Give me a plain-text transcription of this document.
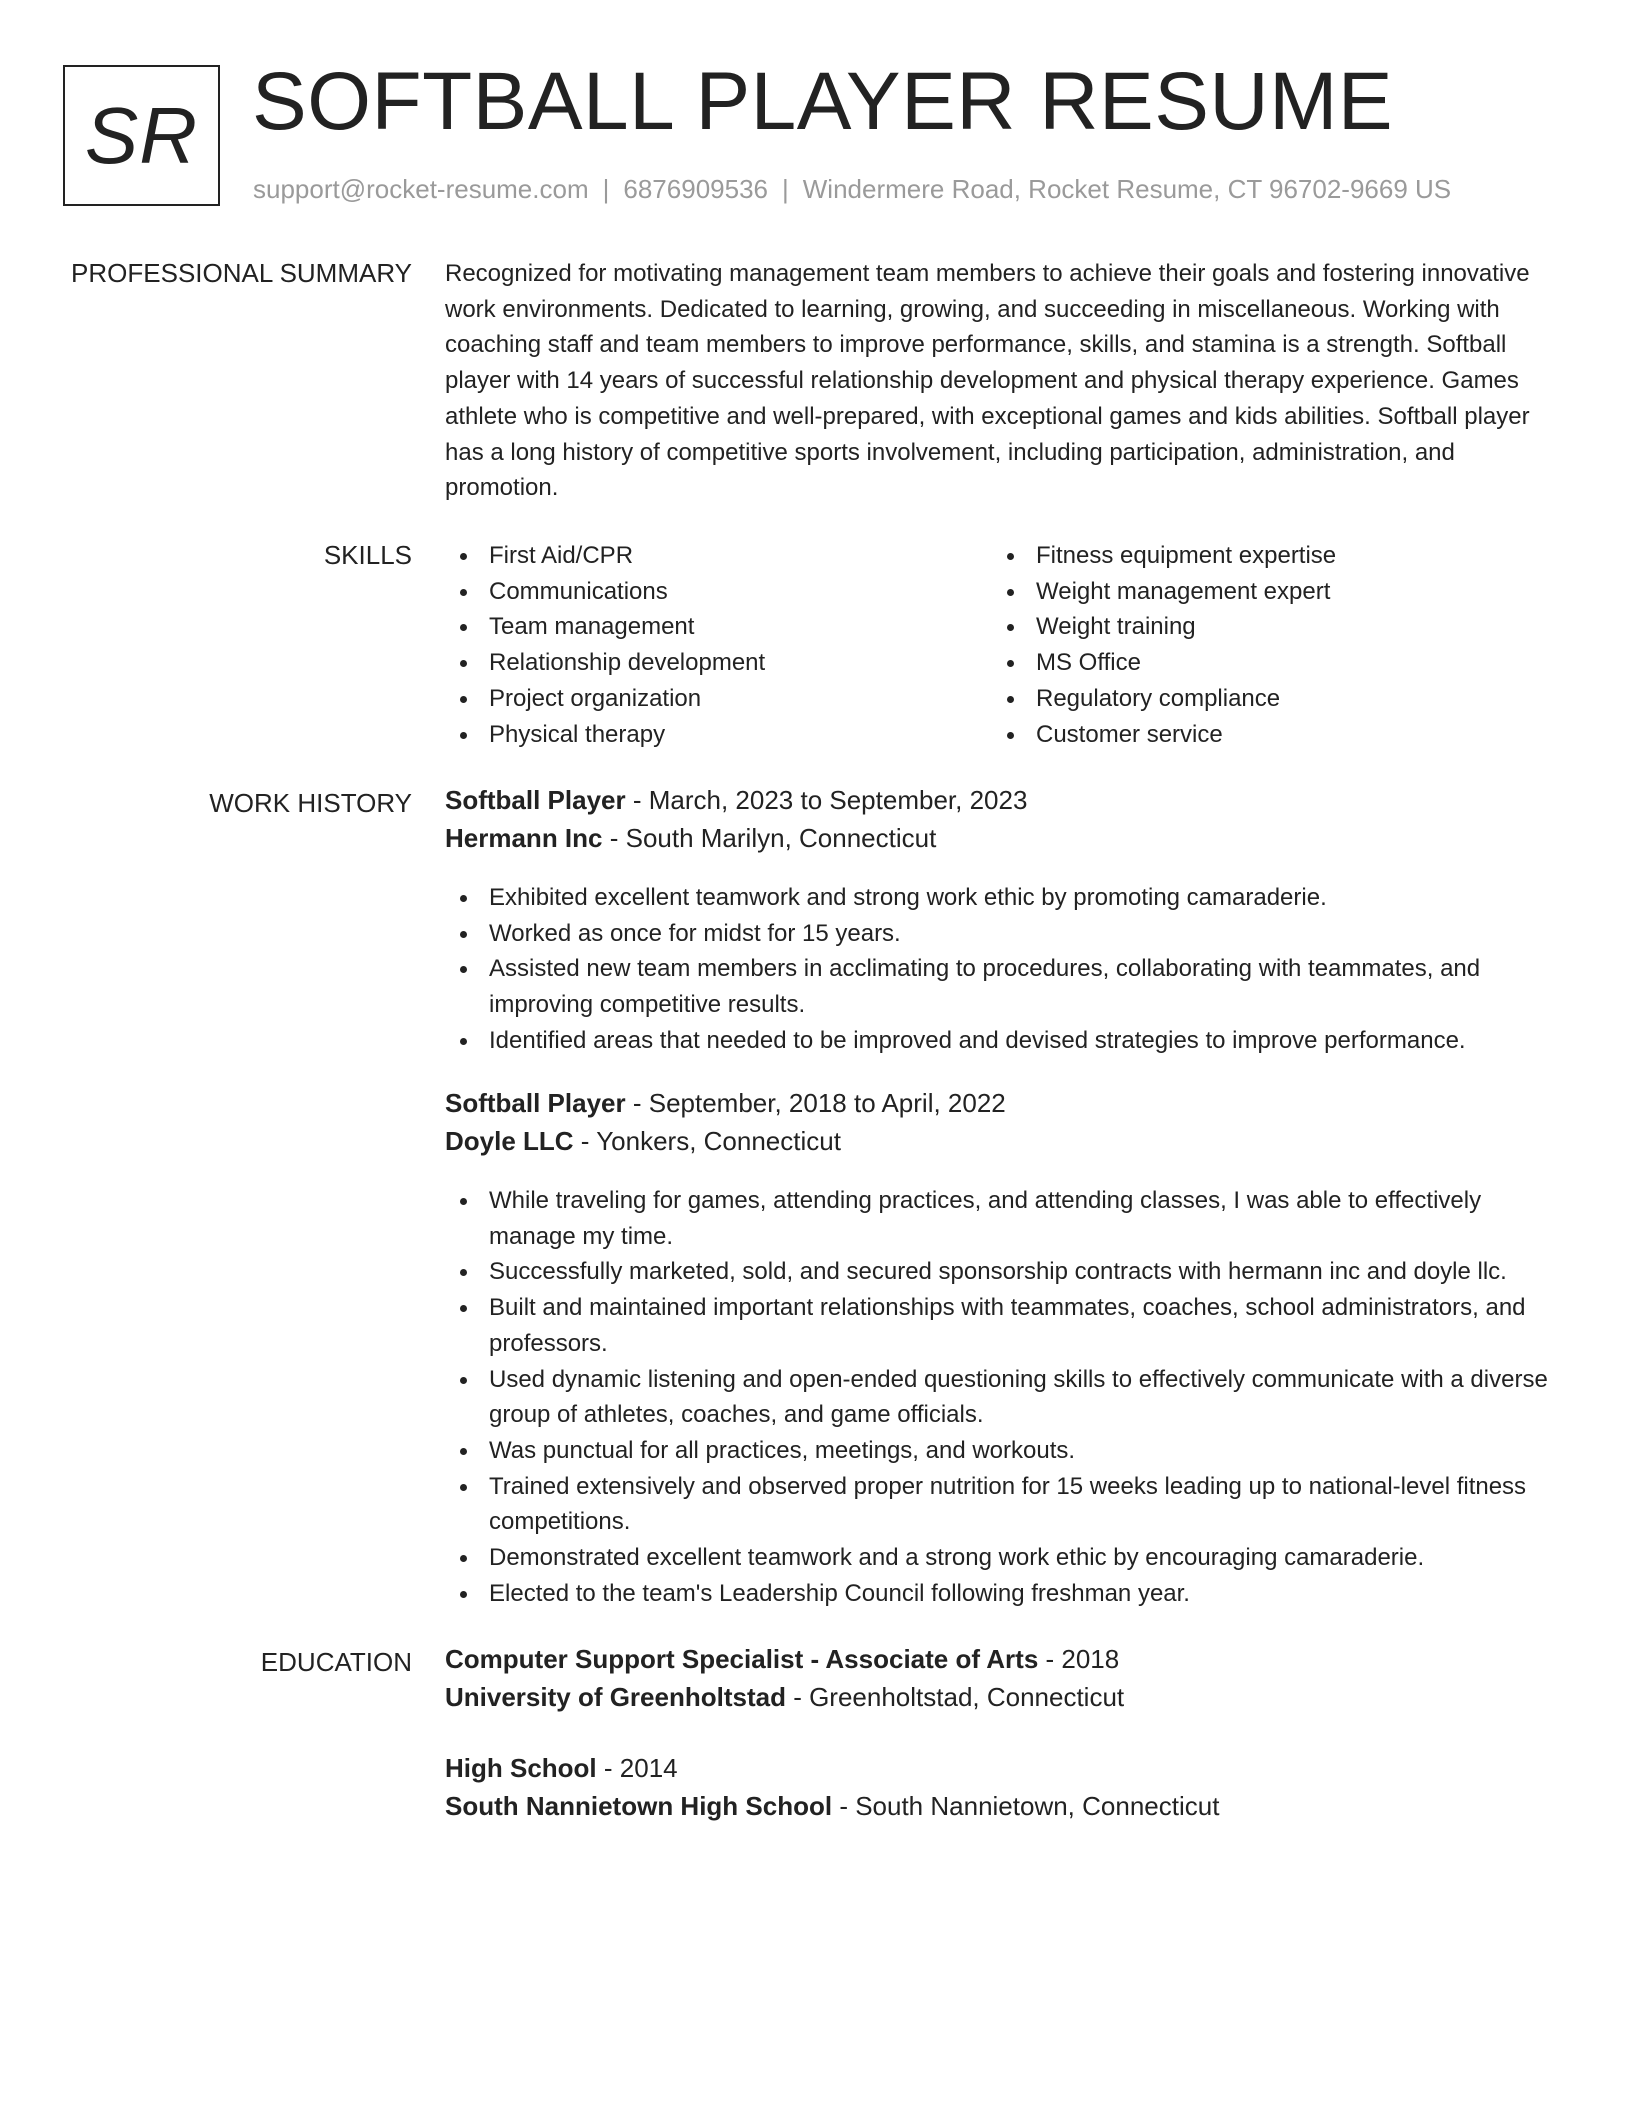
SR SOFTBALL PLAYER RESUME
support@rocket-resume.com | 6876909536 | Windermere Road, Rocket Resume, CT 96702-9669 US
PROFESSIONAL SUMMARY Recognized for motivating management team members to achieve their goals and fostering innovative work environments. Dedicated to learning, growing, and succeeding in miscellaneous. Working with coaching staff and team members to improve performance, skills, and stamina is a strength. Softball player with 14 years of successful relationship development and physical therapy experience. Games athlete who is competitive and well-prepared, with exceptional games and kids abilities. Softball player has a long history of competitive sports involvement, including participation, administration, and promotion.

SKILLS	First Aid/CPR
Communications
Team management
Relationship development
Project organization
Physical therapy
Fitness equipment expertise
Weight management expert
Weight training
MS Office
Regulatory compliance
Customer service
WORK HISTORY Softball Player - March, 2023 to September, 2023
Hermann Inc - South Marilyn, Connecticut
Exhibited excellent teamwork and strong work ethic by promoting camaraderie.
Worked as once for midst for 15 years.
Assisted new team members in acclimating to procedures, collaborating with teammates, and improving competitive results.
Identified areas that needed to be improved and devised strategies to improve performance.
Softball Player - September, 2018 to April, 2022
Doyle LLC - Yonkers, Connecticut
While traveling for games, attending practices, and attending classes, I was able to effectively manage my time.
Successfully marketed, sold, and secured sponsorship contracts with hermann inc and doyle llc.
Built and maintained important relationships with teammates, coaches, school administrators, and professors.
Used dynamic listening and open-ended questioning skills to effectively communicate with a diverse group of athletes, coaches, and game officials.
Was punctual for all practices, meetings, and workouts.
Trained extensively and observed proper nutrition for 15 weeks leading up to national-level fitness competitions.
Demonstrated excellent teamwork and a strong work ethic by encouraging camaraderie.
Elected to the team's Leadership Council following freshman year.
EDUCATION Computer Support Specialist - Associate of Arts - 2018
University of Greenholtstad - Greenholtstad, Connecticut
High School - 2014
South Nannietown High School - South Nannietown, Connecticut
